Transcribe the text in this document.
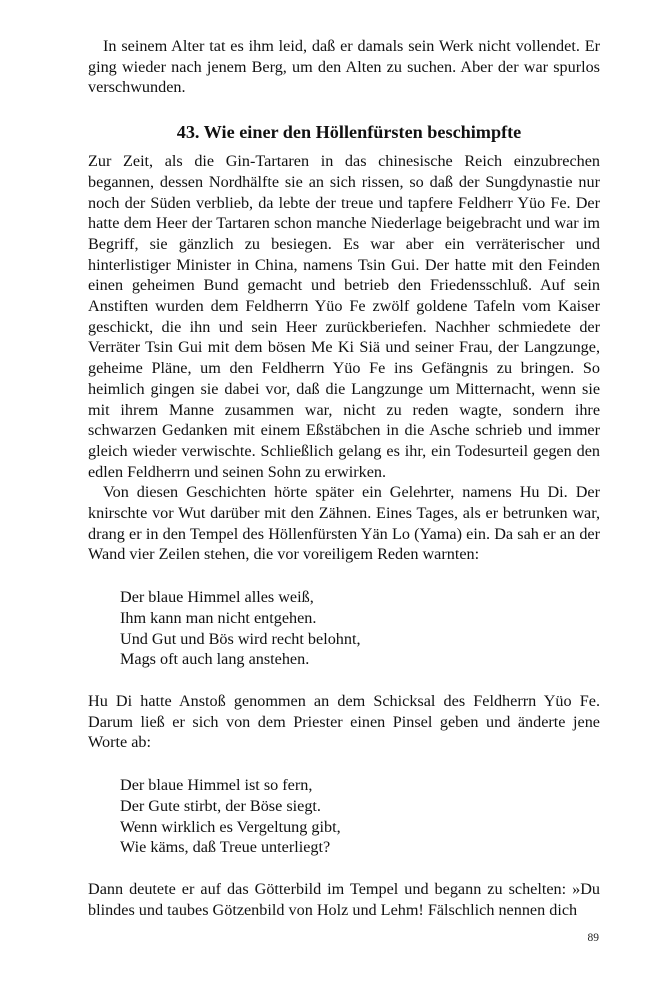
In seinem Alter tat es ihm leid, daß er damals sein Werk nicht vollendet. Er ging wieder nach jenem Berg, um den Alten zu suchen. Aber der war spurlos verschwunden.

43. Wie einer den Höllenfürsten beschimpfte

Zur Zeit, als die Gin-Tartaren in das chinesische Reich einzubrechen begannen, dessen Nordhälfte sie an sich rissen, so daß der Sungdynastie nur noch der Süden verblieb, da lebte der treue und tapfere Feldherr Yüo Fe. Der hatte dem Heer der Tartaren schon manche Niederlage beigebracht und war im Begriff, sie gänzlich zu besiegen. Es war aber ein verräterischer und hinterlistiger Minister in China, namens Tsin Gui. Der hatte mit den Feinden einen geheimen Bund gemacht und betrieb den Friedensschluß. Auf sein Anstiften wurden dem Feldherrn Yüo Fe zwölf goldene Tafeln vom Kaiser geschickt, die ihn und sein Heer zurückberiefen. Nachher schmiedete der Verräter Tsin Gui mit dem bösen Me Ki Siä und seiner Frau, der Langzunge, geheime Pläne, um den Feldherrn Yüo Fe ins Gefängnis zu bringen. So heimlich gingen sie dabei vor, daß die Langzunge um Mitternacht, wenn sie mit ihrem Manne zusammen war, nicht zu reden wagte, sondern ihre schwarzen Gedanken mit einem Eßstäbchen in die Asche schrieb und immer gleich wieder verwischte. Schließlich gelang es ihr, ein Todesurteil gegen den edlen Feldherrn und seinen Sohn zu erwirken.

Von diesen Geschichten hörte später ein Gelehrter, namens Hu Di. Der knirschte vor Wut darüber mit den Zähnen. Eines Tages, als er betrunken war, drang er in den Tempel des Höllenfürsten Yän Lo (Yama) ein. Da sah er an der Wand vier Zeilen stehen, die vor voreiligem Reden warnten:

Der blaue Himmel alles weiß,
Ihm kann man nicht entgehen.
Und Gut und Bös wird recht belohnt,
Mags oft auch lang anstehen.

Hu Di hatte Anstoß genommen an dem Schicksal des Feldherrn Yüo Fe. Darum ließ er sich von dem Priester einen Pinsel geben und änderte jene Worte ab:

Der blaue Himmel ist so fern,
Der Gute stirbt, der Böse siegt.
Wenn wirklich es Vergeltung gibt,
Wie käms, daß Treue unterliegt?

Dann deutete er auf das Götterbild im Tempel und begann zu schelten: »Du blindes und taubes Götzenbild von Holz und Lehm! Fälschlich nennen dich

89
